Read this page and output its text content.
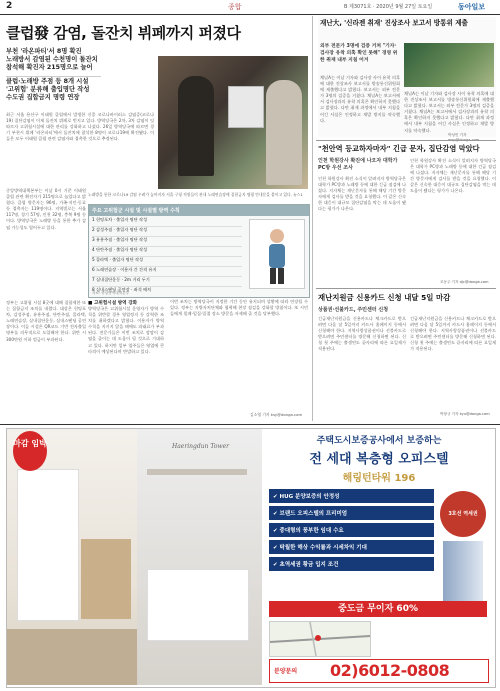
2	종합	B 제3071호 · 2020년 9월 27일 토요일	동아일보
클럽發 감염, 돌잔치 뷔페까지 퍼졌다
부천 '라온파티'서 8명 확진
노래방서 감염된 수천명이 돌잔치
참석해 확진자 215명으로 늘어
클럽·노래방 주점 등 8개 시설
'고위험' 분류해 출입명단 작성
수도권 집합금지 명령 연장
최근 서울 용산구 이태원 클럽에서 발생한 신종 코로나바이러스 감염증(코로나19) 집단감염이 이제 돌잔치 뷔페로 번지고 있다. 방역당국은 2차, 3차 감염이 잇따르자 고위험시설에 대한 관리를 강화하고 나섰다. 26일 방역당국에 따르면 경기 부천시 뷔페 '라온파티'에서 돌잔치에 참석한 8명이 코로나19에 확진됐다. 이들은 모두 이태원 클럽 관련 감염자와 접촉한 것으로 추정된다.
중앙방역대책본부는 이날 0시 기준 이태원 클럽 관련 확진자가 215명으로 늘었다고 밝혔다. 클럽 방문자는 96명, 가족·지인·동료 등 접촉자는 119명이다. 지역별로는 서울 117명, 경기 57명, 인천 32명, 충북 9명 등이다. 방역당국은 노래방 등을 통한 추가 감염 가능성도 열어두고 있다.
정부는 고위험 시설 8곳에 대해 집합제한 또는 집합금지 조치를 내렸다. 대상은 헌팅포차, 감성주점, 유흥주점, 단란주점, 콜라텍, 노래연습장, 실내집단운동, 실내스탠딩 공연장이다. 이들 시설은 QR코드 기반 전자출입명부를 의무적으로 도입해야 한다. 위반 시 300만원 이하 벌금이 부과된다.
노래방을 통한 코로나19 감염 우려가 높아지자 서울 구청 직원들이 관내 노래연습장에 집합금지 명령 안내문을 붙이고 있다. 뉴스1
주요 고위험군 시설 및 시설별 방역 수칙
1 헌팅포차 · 출입자 명단 작성
2 감성주점 · 출입자 명단 작성
3 유흥주점 · 출입자 명단 작성
4 단란주점 · 출입자 명단 작성
5 콜라텍 · 출입자 명단 작성
6 노래연습장 · 이용자 간 간격 유지
7 실내집단운동 · 2m 거리 두기
8 실내스탠딩 공연장 · 좌석 배치
자료: 중앙방역대책본부
■ 고위험시설 방역 강화
방역당국은 고위험시설 운영자가 방역 수칙을 위반할 경우 영업정지 등 강력한 조치를 취하겠다고 밝혔다. 이용자가 방역 수칙을 지키지 않을 때에도 과태료가 부과된다. 전문가들은 이번 조치로 깜깜이 감염을 줄이는 데 도움이 될 것으로 기대하고 있다. 하지만 일부 업주들은 영업에 큰 타격이 예상된다며 반발하고 있다.
이번 조치는 방역당국이 지정한 기간 동안 유지되며 상황에 따라 연장될 수 있다. 정부는 지방자치단체와 협력해 현장 점검을 강화할 방침이다. 또 시민들에게 밀폐·밀집·밀접 장소 방문을 자제해 줄 것을 당부했다.
김소영 기자 ksy@donga.com
재난大, '신라젠 취재' 진상조사 보고서 방통위 제출
외부 전문가 3명에 검증 거쳐 "기자·검사장 유착 의혹 확인 못해" 경영 위한 취재 내부 지침 어겨
채널A는 이날 기자와 검사장 사이 유착 의혹에 대한 진상조사 보고서를 방송통신위원회에 제출했다고 밝혔다. 보고서는 외부 전문가 3명의 검증을 거쳤다. 채널A는 보고서에서 검사장과의 유착 의혹은 확인하지 못했다고 밝혔다. 다만 취재 과정에서 내부 지침을 어긴 사실은 인정하고 재발 방지를 약속했다.
채널A는 이날 기자와 검사장 사이 유착 의혹에 대한 진상조사 보고서를 방송통신위원회에 제출했다고 밝혔다. 보고서는 외부 전문가 3명의 검증을 거쳤다. 채널A는 보고서에서 검사장과의 유착 의혹은 확인하지 못했다고 밝혔다. 다만 취재 과정에서 내부 지침을 어긴 사실은 인정하고 재발 방지를 약속했다.
박성민 기자
"천안역 등교하자마자" 긴급 문자, 집단감염 막았다
인천 학원강사 확진에 나오자 대학가 PC방 우선 조사
인천 학원강사 확진 소식이 알려지자 방역당국은 대학가 PC방과 노래방 등에 대한 긴급 점검에 나섰다. 지자체는 재난문자를 통해 해당 기간 방문자에게 검사를 받을 것을 요청했다. 이 같은 신속한 대응이 대규모 집단감염을 막는 데 도움이 됐다는 평가가 나온다.
인천 학원강사 확진 소식이 알려지자 방역당국은 대학가 PC방과 노래방 등에 대한 긴급 점검에 나섰다. 지자체는 재난문자를 통해 해당 기간 방문자에게 검사를 받을 것을 요청했다. 이 같은 신속한 대응이 대규모 집단감염을 막는 데 도움이 됐다는 평가가 나온다.
조동주 기자 djc@donga.com
재난지원금 신용카드 신청 내달 5일 마감
상품권·선불카드, 주민센터 신청
긴급재난지원금을 신용카드나 체크카드로 받으려면 다음 달 5일까지 카드사 홈페이지 등에서 신청해야 한다. 지역사랑상품권이나 선불카드로 받으려면 주민센터를 방문해 신청하면 된다. 신청 첫 주에는 출생연도 끝자리에 따른 요일제가 적용된다.
긴급재난지원금을 신용카드나 체크카드로 받으려면 다음 달 5일까지 카드사 홈페이지 등에서 신청해야 한다. 지역사랑상품권이나 선불카드로 받으려면 주민센터를 방문해 신청하면 된다. 신청 첫 주에는 출생연도 끝자리에 따른 요일제가 적용된다.
박창규 기자 kyu@donga.com
마감 임박	Haeringdun Tower
주택도시보증공사에서 보증하는
전 세대 복층형 오피스텔
해링턴타워 196
✔ HUG 분양보증의 안정성
✔ 브랜드 오피스텔의 프리미엄
✔ 중대형의 풍부한 임대 수요
✔ 탁월한 해상 수익률과 시세차익 기대
✔ 초역세권 황금 입지 조건
3호선 역세권
중도금 무이자 60%
분양문의 02)6012-0808
